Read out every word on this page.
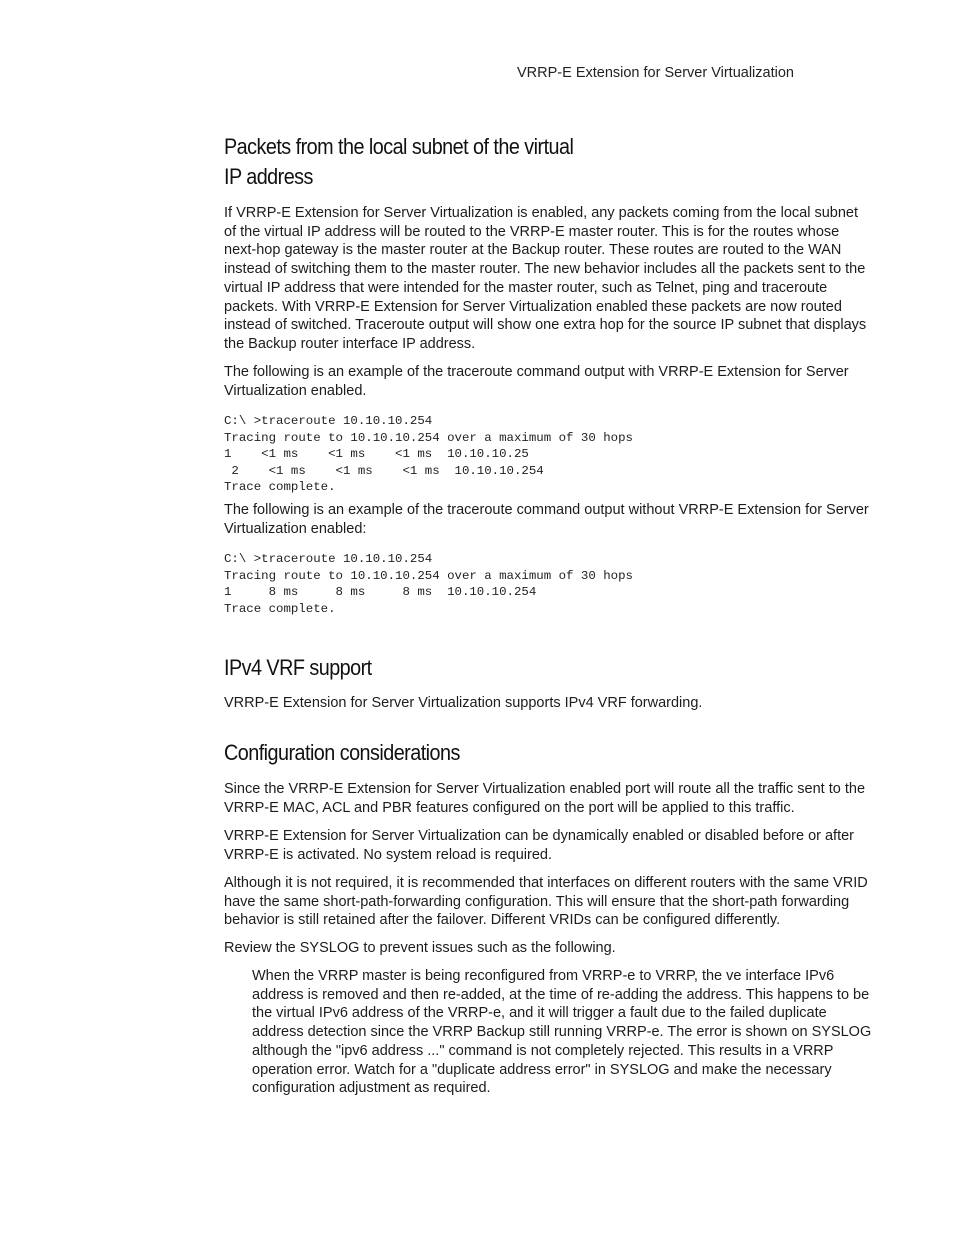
VRRP-E Extension for Server Virtualization
Packets from the local subnet of the virtual
IP address

If VRRP-E Extension for Server Virtualization is enabled, any packets coming from the local subnet of the virtual IP address will be routed to the VRRP-E master router. This is for the routes whose next-hop gateway is the master router at the Backup router. These routes are routed to the WAN instead of switching them to the master router. The new behavior includes all the packets sent to the virtual IP address that were intended for the master router, such as Telnet, ping and traceroute packets. With VRRP-E Extension for Server Virtualization enabled these packets are now routed instead of switched. Traceroute output will show one extra hop for the source IP subnet that displays the Backup router interface IP address.

The following is an example of the traceroute command output with VRRP-E Extension for Server Virtualization enabled.

C:\ >traceroute 10.10.10.254
Tracing route to 10.10.10.254 over a maximum of 30 hops
1    <1 ms    <1 ms    <1 ms  10.10.10.25
2    <1 ms    <1 ms    <1 ms  10.10.10.254
Trace complete.

The following is an example of the traceroute command output without VRRP-E Extension for Server Virtualization enabled:

C:\ >traceroute 10.10.10.254
Tracing route to 10.10.10.254 over a maximum of 30 hops
1     8 ms     8 ms     8 ms  10.10.10.254
Trace complete.
IPv4 VRF support

VRRP-E Extension for Server Virtualization supports IPv4 VRF forwarding.

Configuration considerations

Since the VRRP-E Extension for Server Virtualization enabled port will route all the traffic sent to the VRRP-E MAC, ACL and PBR features configured on the port will be applied to this traffic.

VRRP-E Extension for Server Virtualization can be dynamically enabled or disabled before or after VRRP-E is activated. No system reload is required.

Although it is not required, it is recommended that interfaces on different routers with the same VRID have the same short-path-forwarding configuration. This will ensure that the short-path forwarding behavior is still retained after the failover. Different VRIDs can be configured differently.

Review the SYSLOG to prevent issues such as the following.

When the VRRP master is being reconfigured from VRRP-e to VRRP, the ve interface IPv6 address is removed and then re-added, at the time of re-adding the address. This happens to be the virtual IPv6 address of the VRRP-e, and it will trigger a fault due to the failed duplicate address detection since the VRRP Backup still running VRRP-e. The error is shown on SYSLOG although the "ipv6 address ..." command is not completely rejected. This results in a VRRP operation error. Watch for a "duplicate address error" in SYSLOG and make the necessary configuration adjustment as required.
